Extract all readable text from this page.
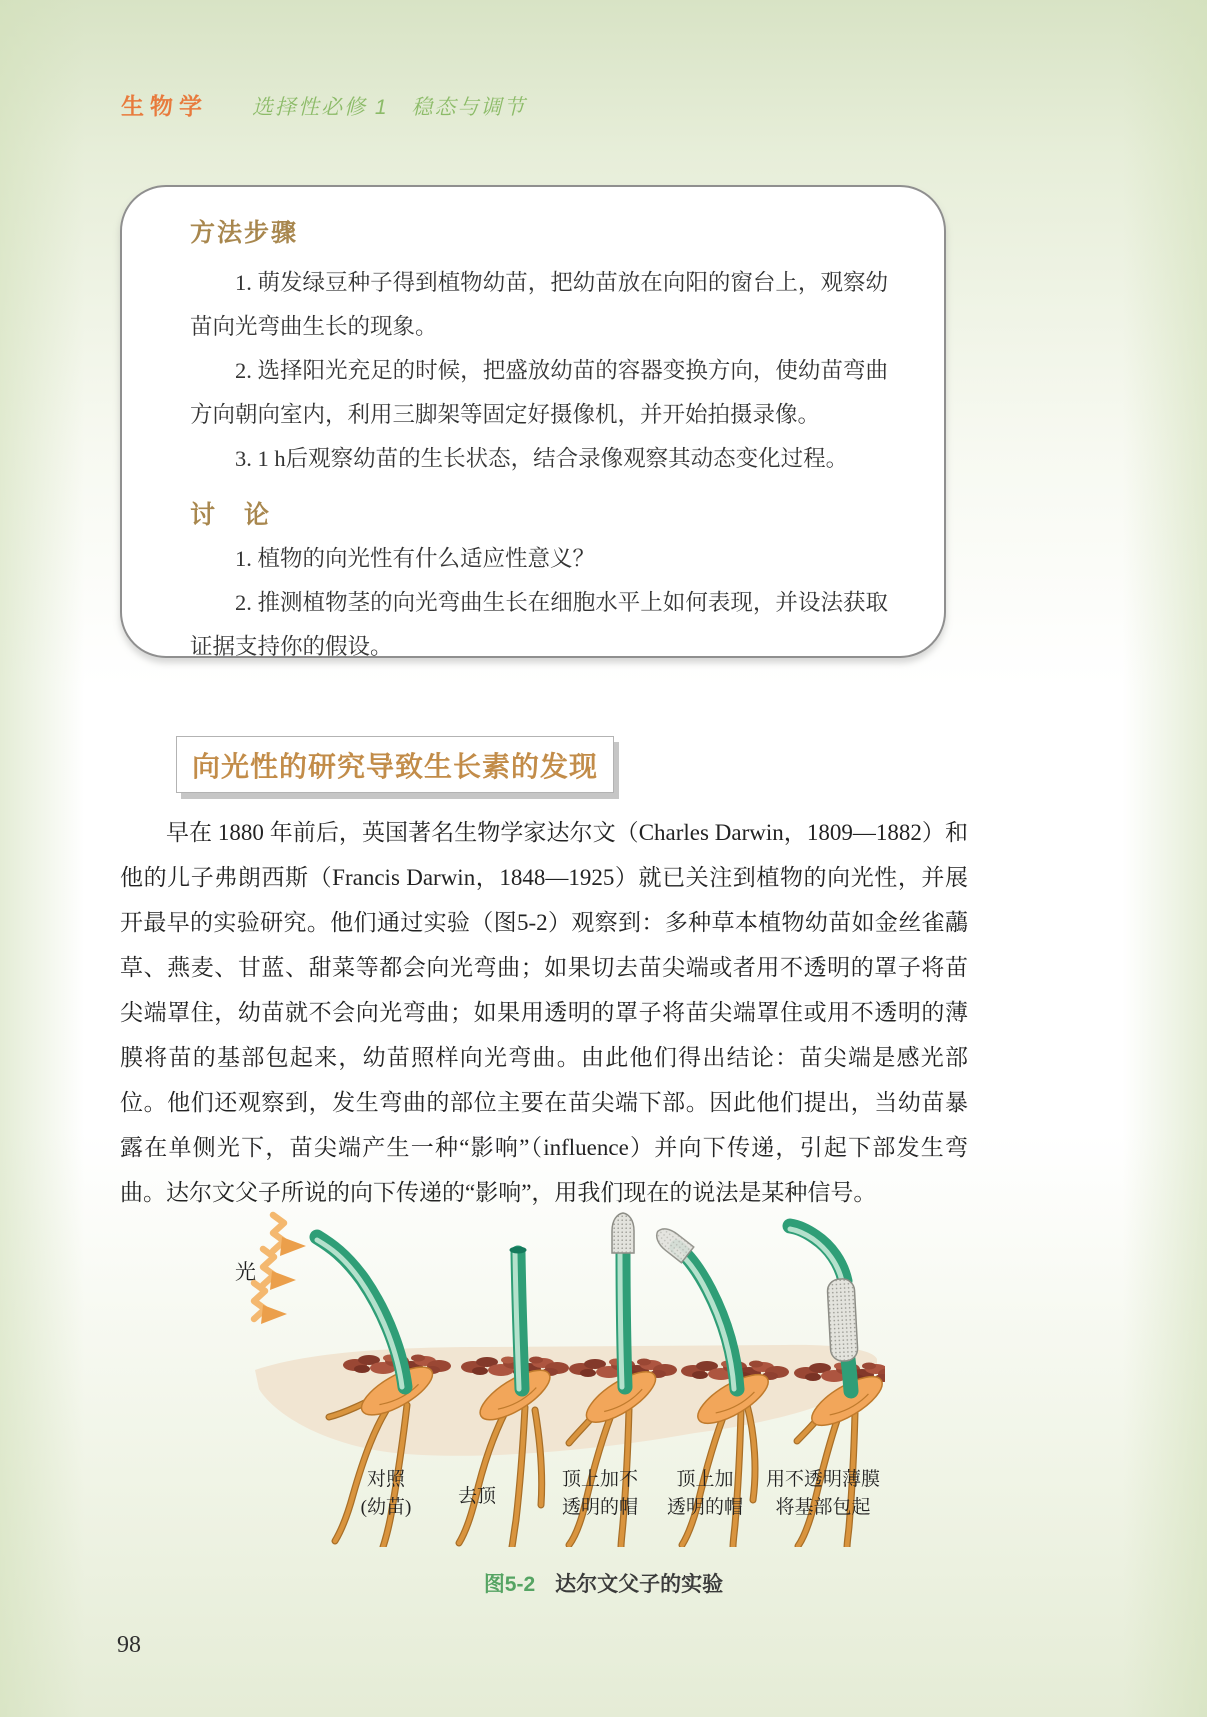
生物学 选择性必修 1　稳态与调节
方法步骤

1. 萌发绿豆种子得到植物幼苗，把幼苗放在向阳的窗台上，观察幼苗向光弯曲生长的现象。

2. 选择阳光充足的时候，把盛放幼苗的容器变换方向，使幼苗弯曲方向朝向室内，利用三脚架等固定好摄像机，并开始拍摄录像。

3. 1 h后观察幼苗的生长状态，结合录像观察其动态变化过程。

讨　论

1. 植物的向光性有什么适应性意义？

2. 推测植物茎的向光弯曲生长在细胞水平上如何表现，并设法获取证据支持你的假设。

向光性的研究导致生长素的发现

早在 1880 年前后，英国著名生物学家达尔文（Charles Darwin，1809—1882）和他的儿子弗朗西斯（Francis Darwin，1848—1925）就已关注到植物的向光性，并展开最早的实验研究。他们通过实验（图5-2）观察到：多种草本植物幼苗如金丝雀虉草、燕麦、甘蓝、甜菜等都会向光弯曲；如果切去苗尖端或者用不透明的罩子将苗尖端罩住，幼苗就不会向光弯曲；如果用透明的罩子将苗尖端罩住或用不透明的薄膜将苗的基部包起来，幼苗照样向光弯曲。由此他们得出结论：苗尖端是感光部位。他们还观察到，发生弯曲的部位主要在苗尖端下部。因此他们提出，当幼苗暴露在单侧光下，苗尖端产生一种“影响”（influence）并向下传递，引起下部发生弯曲。达尔文父子所说的向下传递的“影响”，用我们现在的说法是某种信号。

光
对照
(幼苗)
去顶
顶上加不
透明的帽
顶上加
透明的帽
用不透明薄膜
将基部包起
图5-2 达尔文父子的实验
98
